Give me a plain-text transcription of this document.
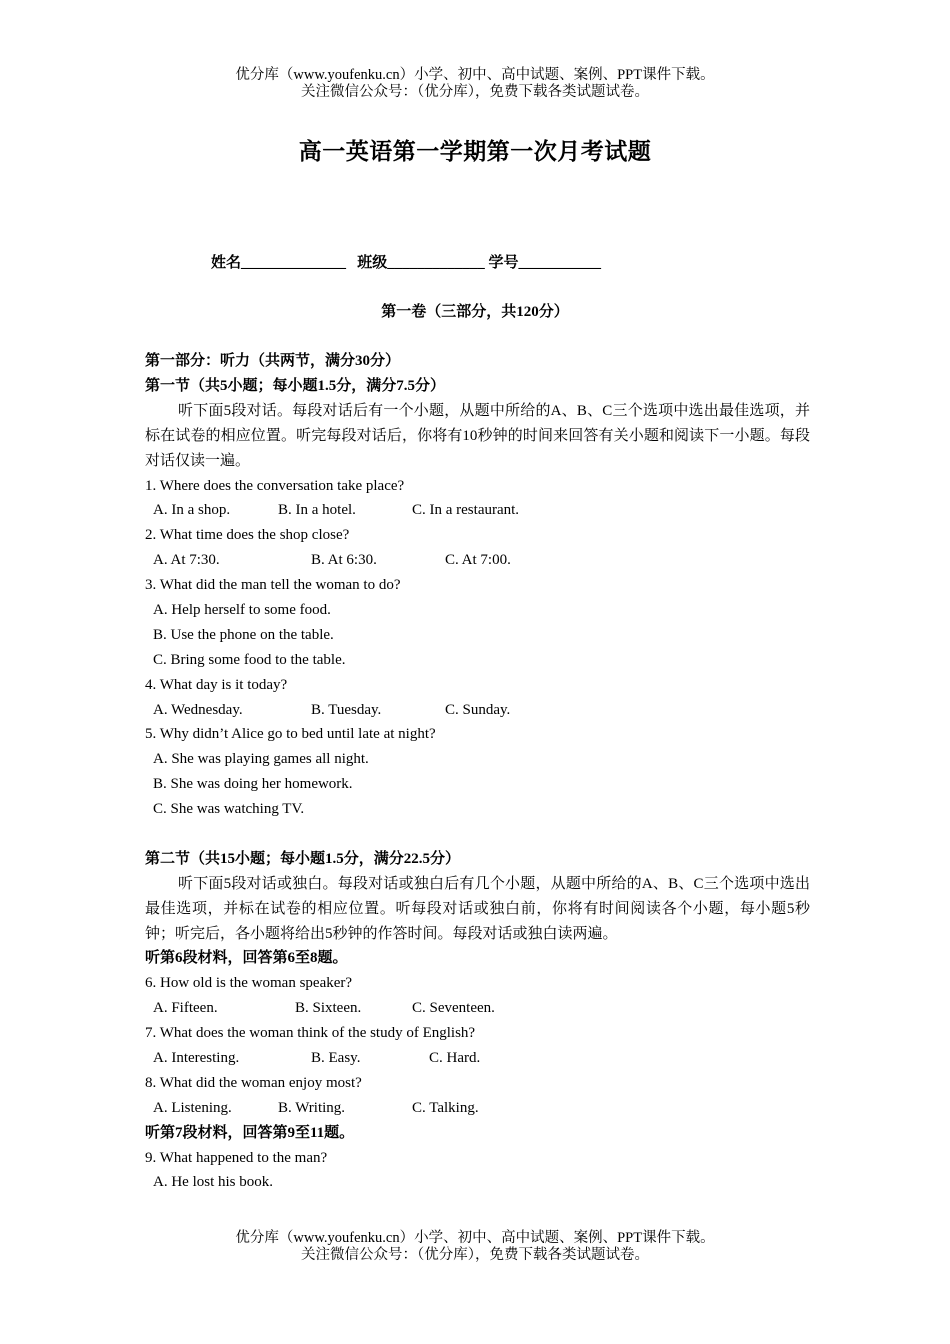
优分库（www.youfenku.cn）小学、初中、高中试题、案例、PPT课件下载。
关注微信公众号：（优分库），免费下载各类试题试卷。
高一英语第一学期第一次月考试题
姓名______________   班级_____________ 学号___________
第一卷（三部分，共120分）
第一部分：听力（共两节，满分30分）
第一节（共5小题；每小题1.5分，满分7.5分）
听下面5段对话。每段对话后有一个小题，从题中所给的A、B、C三个选项中选出最佳选项，并标在试卷的相应位置。听完每段对话后，你将有10秒钟的时间来回答有关小题和阅读下一小题。每段对话仅读一遍。
1. Where does the conversation take place?
A. In a shop.	B. In a hotel.	C. In a restaurant.
2. What time does the shop close?
A. At 7:30.	B. At 6:30.	C. At 7:00.
3. What did the man tell the woman to do?
A. Help herself to some food.
B. Use the phone on the table.
C. Bring some food to the table.
4. What day is it today?
A. Wednesday.	B. Tuesday.	C. Sunday.
5. Why didn’t Alice go to bed until late at night?
A. She was playing games all night.
B. She was doing her homework.
C. She was watching TV.
第二节（共15小题；每小题1.5分，满分22.5分）
听下面5段对话或独白。每段对话或独白后有几个小题，从题中所给的A、B、C三个选项中选出最佳选项，并标在试卷的相应位置。听每段对话或独白前，你将有时间阅读各个小题，每小题5秒钟；听完后，各小题将给出5秒钟的作答时间。每段对话或独白读两遍。
听第6段材料，回答第6至8题。
6. How old is the woman speaker?
A. Fifteen.	B. Sixteen.	C. Seventeen.
7. What does the woman think of the study of English?
A. Interesting.	B. Easy.	C. Hard.
8. What did the woman enjoy most?
A. Listening.	B. Writing.	C. Talking.
听第7段材料，回答第9至11题。
9. What happened to the man?
A. He lost his book.
优分库（www.youfenku.cn）小学、初中、高中试题、案例、PPT课件下载。
关注微信公众号：（优分库），免费下载各类试题试卷。
